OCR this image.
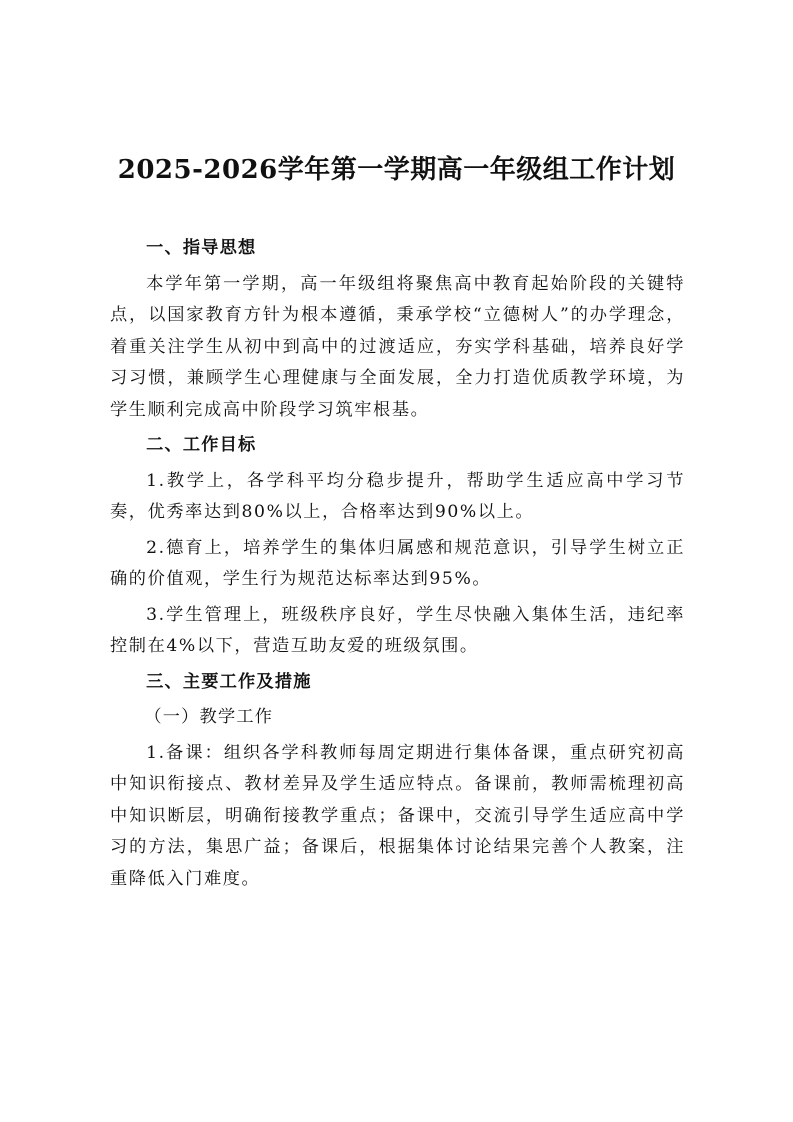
2025-2026学年第一学期高一年级组工作计划

一、指导思想

本学年第一学期，高一年级组将聚焦高中教育起始阶段的关键特点，以国家教育方针为根本遵循，秉承学校“立德树人”的办学理念，着重关注学生从初中到高中的过渡适应，夯实学科基础，培养良好学习习惯，兼顾学生心理健康与全面发展，全力打造优质教学环境，为学生顺利完成高中阶段学习筑牢根基。

二、工作目标

1.教学上，各学科平均分稳步提升，帮助学生适应高中学习节奏，优秀率达到80%以上，合格率达到90%以上。

2.德育上，培养学生的集体归属感和规范意识，引导学生树立正确的价值观，学生行为规范达标率达到95%。

3.学生管理上，班级秩序良好，学生尽快融入集体生活，违纪率控制在4%以下，营造互助友爱的班级氛围。

三、主要工作及措施

（一）教学工作

1.备课：组织各学科教师每周定期进行集体备课，重点研究初高中知识衔接点、教材差异及学生适应特点。备课前，教师需梳理初高中知识断层，明确衔接教学重点；备课中，交流引导学生适应高中学习的方法，集思广益；备课后，根据集体讨论结果完善个人教案，注重降低入门难度。
